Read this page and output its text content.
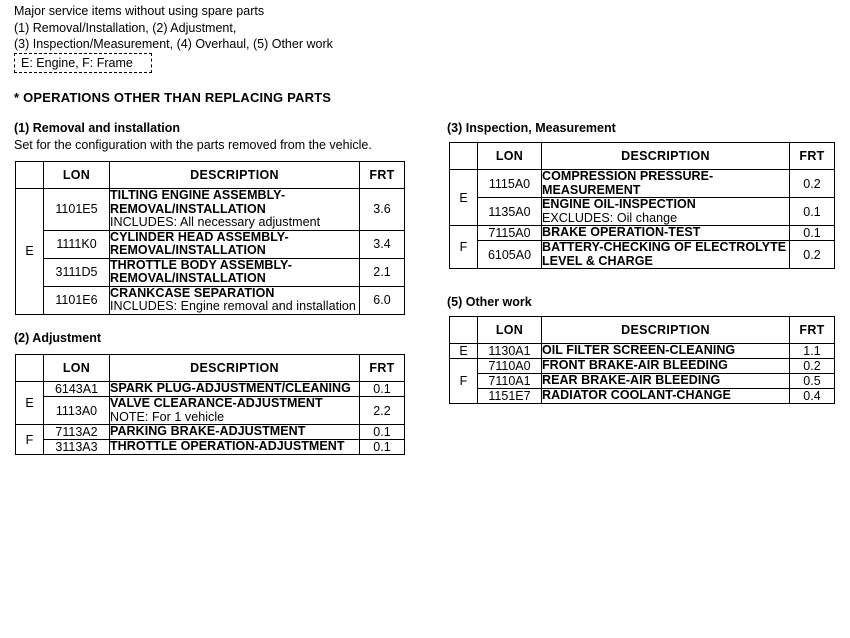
Major service items without using spare parts
(1) Removal/Installation, (2) Adjustment,
(3) Inspection/Measurement, (4) Overhaul, (5) Other work
E: Engine, F: Frame
* OPERATIONS OTHER THAN REPLACING PARTS
(1) Removal and installation
Set for the configuration with the parts removed from the vehicle.
	LON	DESCRIPTION	FRT
E	1101E5	TILTING ENGINE ASSEMBLY-
REMOVAL/INSTALLATION
INCLUDES: All necessary adjustment	3.6
	1111K0	CYLINDER HEAD ASSEMBLY-
REMOVAL/INSTALLATION	3.4
	3111D5	THROTTLE BODY ASSEMBLY-
REMOVAL/INSTALLATION	2.1
	1101E6	CRANKCASE SEPARATION
INCLUDES: Engine removal and installation	6.0
(2) Adjustment
	LON	DESCRIPTION	FRT
E	6143A1	SPARK PLUG-ADJUSTMENT/CLEANING	0.1
	1113A0	VALVE CLEARANCE-ADJUSTMENT
NOTE: For 1 vehicle	2.2
F	7113A2	PARKING BRAKE-ADJUSTMENT	0.1
	3113A3	THROTTLE OPERATION-ADJUSTMENT	0.1
(3) Inspection, Measurement
	LON	DESCRIPTION	FRT
E	1115A0	COMPRESSION PRESSURE-MEASUREMENT	0.2
	1135A0	ENGINE OIL-INSPECTION
EXCLUDES: Oil change	0.1
F	7115A0	BRAKE OPERATION-TEST	0.1
	6105A0	BATTERY-CHECKING OF ELECTROLYTE
LEVEL & CHARGE	0.2
(5) Other work
	LON	DESCRIPTION	FRT
E	1130A1	OIL FILTER SCREEN-CLEANING	1.1
F	7110A0	FRONT BRAKE-AIR BLEEDING	0.2
	7110A1	REAR BRAKE-AIR BLEEDING	0.5
	1151E7	RADIATOR COOLANT-CHANGE	0.4
